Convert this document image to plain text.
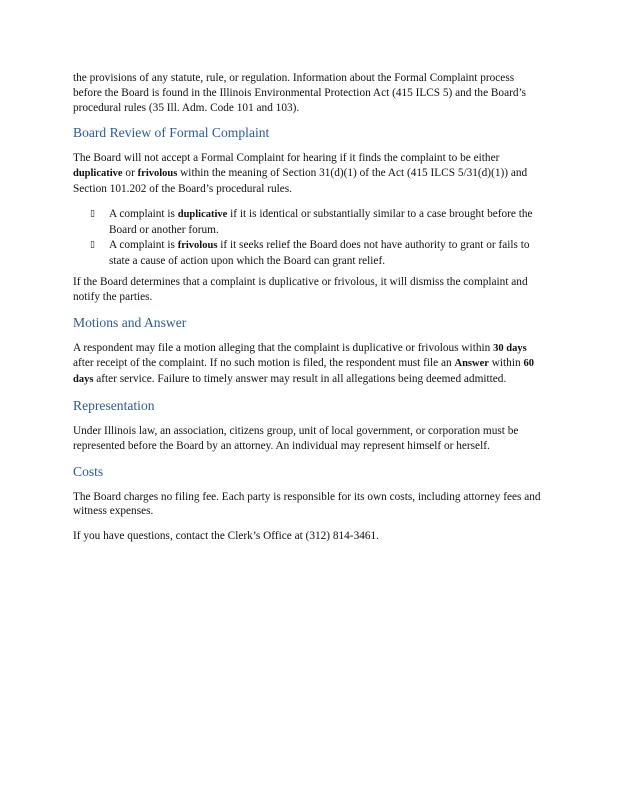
the provisions of any statute, rule, or regulation. Information about the Formal Complaint process before the Board is found in the Illinois Environmental Protection Act (415 ILCS 5) and the Board’s procedural rules (35 Ill. Adm. Code 101 and 103).

Board Review of Formal Complaint

The Board will not accept a Formal Complaint for hearing if it finds the complaint to be either duplicative or frivolous within the meaning of Section 31(d)(1) of the Act (415 ILCS 5/31(d)(1)) and Section 101.202 of the Board’s procedural rules.

▯ A complaint is duplicative if it is identical or substantially similar to a case brought before the Board or another forum.
▯ A complaint is frivolous if it seeks relief the Board does not have authority to grant or fails to state a cause of action upon which the Board can grant relief.

If the Board determines that a complaint is duplicative or frivolous, it will dismiss the complaint and notify the parties.

Motions and Answer

A respondent may file a motion alleging that the complaint is duplicative or frivolous within 30 days after receipt of the complaint. If no such motion is filed, the respondent must file an Answer within 60 days after service. Failure to timely answer may result in all allegations being deemed admitted.

Representation

Under Illinois law, an association, citizens group, unit of local government, or corporation must be represented before the Board by an attorney. An individual may represent himself or herself.

Costs

The Board charges no filing fee. Each party is responsible for its own costs, including attorney fees and witness expenses.

If you have questions, contact the Clerk’s Office at (312) 814-3461.
